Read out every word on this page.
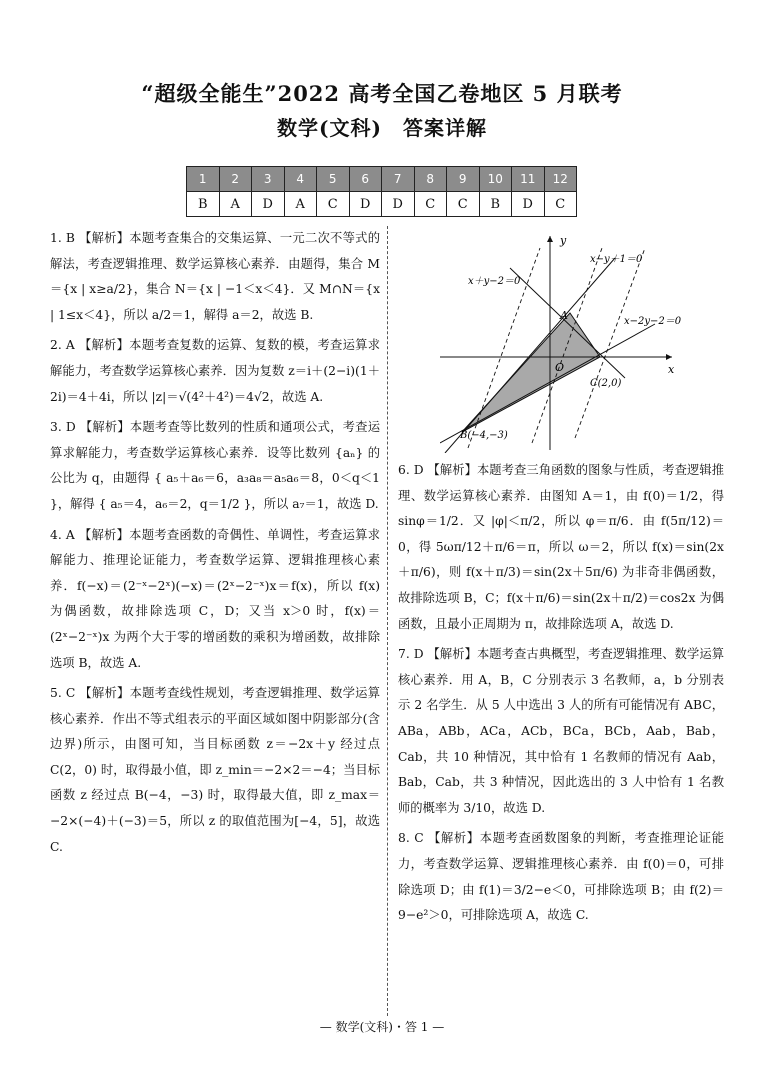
“超级全能生”2022 高考全国乙卷地区 5 月联考
数学(文科)　答案详解
1	2	3	4	5	6	7	8	9	10	11	12
B	A	D	A	C	D	D	C	C	B	D	C
1. B 【解析】本题考查集合的交集运算、一元二次不等式的解法，考查逻辑推理、数学运算核心素养．由题得，集合 M＝{x | x≥a/2}，集合 N＝{x | −1＜x＜4}．又 M∩N＝{x | 1≤x＜4}，所以 a/2＝1，解得 a＝2，故选 B.
2. A 【解析】本题考查复数的运算、复数的模，考查运算求解能力，考查数学运算核心素养．因为复数 z＝i＋(2−i)(1＋2i)＝4＋4i，所以 |z|＝√(4²＋4²)＝4√2，故选 A.
3. D 【解析】本题考查等比数列的性质和通项公式，考查运算求解能力，考查数学运算核心素养．设等比数列 {aₙ} 的公比为 q，由题得 { a₅＋a₆＝6，a₃a₈＝a₅a₆＝8，0＜q＜1 }，解得 { a₅＝4，a₆＝2，q＝1/2 }，所以 a₇＝1，故选 D.
4. A 【解析】本题考查函数的奇偶性、单调性，考查运算求解能力、推理论证能力，考查数学运算、逻辑推理核心素养．f(−x)＝(2⁻ˣ−2ˣ)(−x)＝(2ˣ−2⁻ˣ)x＝f(x)，所以 f(x) 为偶函数，故排除选项 C，D；又当 x＞0 时，f(x)＝(2ˣ−2⁻ˣ)x 为两个大于零的增函数的乘积为增函数，故排除选项 B，故选 A.
5. C 【解析】本题考查线性规划，考查逻辑推理、数学运算核心素养．作出不等式组表示的平面区域如图中阴影部分(含边界)所示，由图可知，当目标函数 z＝−2x＋y 经过点 C(2，0) 时，取得最小值，即 z_min＝−2×2＝−4；当目标函数 z 经过点 B(−4，−3) 时，取得最大值，即 z_max＝−2×(−4)＋(−3)＝5，所以 z 的取值范围为[−4，5]，故选 C.
y
x
O
x−y＋1＝0
x＋y−2＝0
x−2y−2＝0
A
B(−4,−3)
C(2,0)
6. D 【解析】本题考查三角函数的图象与性质，考查逻辑推理、数学运算核心素养．由图知 A＝1，由 f(0)＝1/2，得 sinφ＝1/2．又 |φ|＜π/2，所以 φ＝π/6．由 f(5π/12)＝0，得 5ωπ/12＋π/6＝π，所以 ω＝2，所以 f(x)＝sin(2x＋π/6)，则 f(x＋π/3)＝sin(2x＋5π/6) 为非奇非偶函数，故排除选项 B，C；f(x＋π/6)＝sin(2x＋π/2)＝cos2x 为偶函数，且最小正周期为 π，故排除选项 A，故选 D.
7. D 【解析】本题考查古典概型，考查逻辑推理、数学运算核心素养．用 A，B，C 分别表示 3 名教师，a，b 分别表示 2 名学生．从 5 人中选出 3 人的所有可能情况有 ABC，ABa，ABb，ACa，ACb，BCa，BCb，Aab，Bab，Cab，共 10 种情况，其中恰有 1 名教师的情况有 Aab，Bab，Cab，共 3 种情况，因此选出的 3 人中恰有 1 名教师的概率为 3/10，故选 D.
8. C 【解析】本题考查函数图象的判断，考查推理论证能力，考查数学运算、逻辑推理核心素养．由 f(0)＝0，可排除选项 D；由 f(1)＝3/2−e＜0，可排除选项 B；由 f(2)＝9−e²＞0，可排除选项 A，故选 C.
— 数学(文科)・答 1 —
